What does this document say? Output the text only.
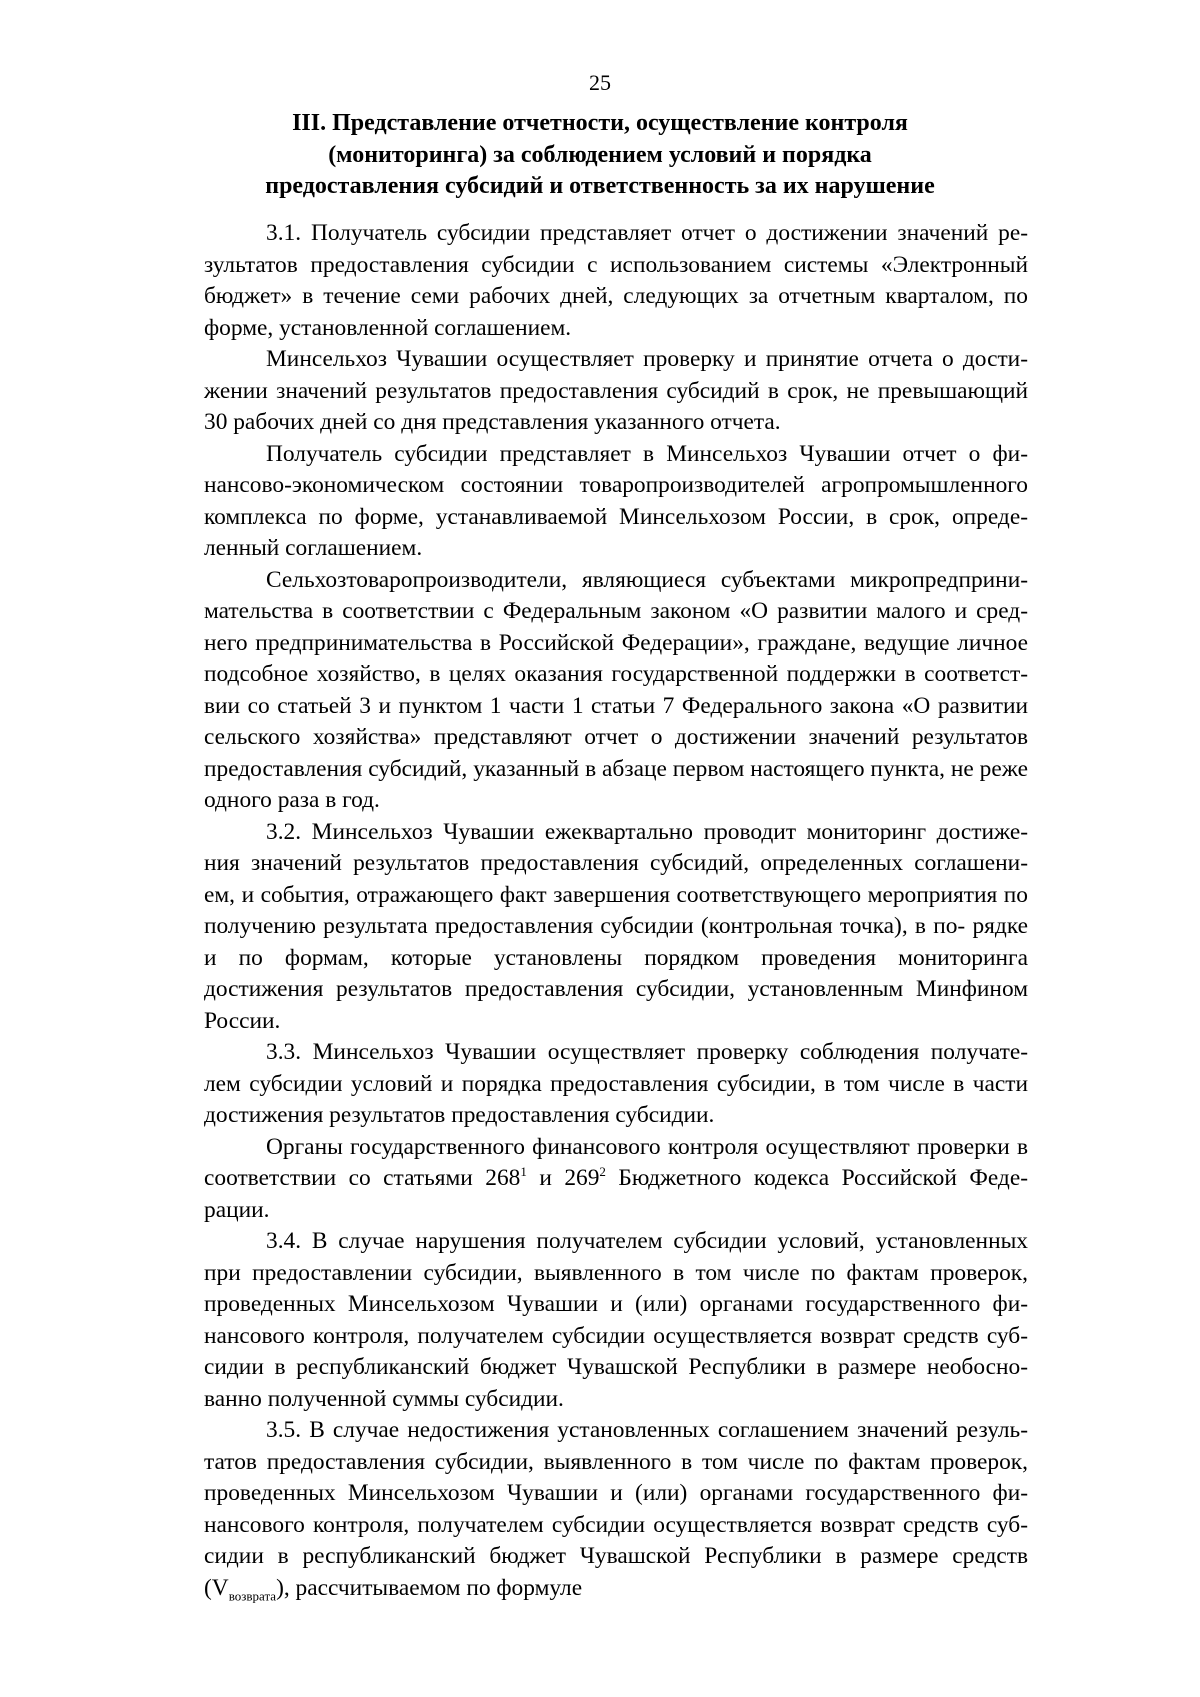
25
III. Представление отчетности, осуществление контроля
(мониторинга) за соблюдением условий и порядка
предоставления субсидий и ответственность за их нарушение

3.1. Получатель субсидии представляет отчет о достижении значений ре- зультатов предоставления субсидии с использованием системы «Электронный бюджет» в течение семи рабочих дней, следующих за отчетным кварталом, по форме, установленной соглашением.

Минсельхоз Чувашии осуществляет проверку и принятие отчета о дости- жении значений результатов предоставления субсидий в срок, не превышающий 30 рабочих дней со дня представления указанного отчета.

Получатель субсидии представляет в Минсельхоз Чувашии отчет о фи- нансово-экономическом состоянии товаропроизводителей агропромышленного комплекса по форме, устанавливаемой Минсельхозом России, в срок, опреде- ленный соглашением.

Сельхозтоваропроизводители, являющиеся субъектами микропредприни- мательства в соответствии с Федеральным законом «О развитии малого и сред- него предпринимательства в Российской Федерации», граждане, ведущие личное подсобное хозяйство, в целях оказания государственной поддержки в соответст- вии со статьей 3 и пунктом 1 части 1 статьи 7 Федерального закона «О развитии сельского хозяйства» представляют отчет о достижении значений результатов предоставления субсидий, указанный в абзаце первом настоящего пункта, не реже одного раза в год.

3.2. Минсельхоз Чувашии ежеквартально проводит мониторинг достиже- ния значений результатов предоставления субсидий, определенных соглашени- ем, и события, отражающего факт завершения соответствующего мероприятия по получению результата предоставления субсидии (контрольная точка), в по- рядке и по формам, которые установлены порядком проведения мониторинга достижения результатов предоставления субсидии, установленным Минфином России.

3.3. Минсельхоз Чувашии осуществляет проверку соблюдения получате- лем субсидии условий и порядка предоставления субсидии, в том числе в части достижения результатов предоставления субсидии.

Органы государственного финансового контроля осуществляют проверки в соответствии со статьями $268^1$ и $269^2$ Бюджетного кодекса Российской Феде- рации.

3.4. В случае нарушения получателем субсидии условий, установленных при предоставлении субсидии, выявленного в том числе по фактам проверок, проведенных Минсельхозом Чувашии и (или) органами государственного фи- нансового контроля, получателем субсидии осуществляется возврат средств суб- сидии в республиканский бюджет Чувашской Республики в размере необосно- ванно полученной суммы субсидии.

3.5. В случае недостижения установленных соглашением значений резуль- татов предоставления субсидии, выявленного в том числе по фактам проверок, проведенных Минсельхозом Чувашии и (или) органами государственного фи- нансового контроля, получателем субсидии осуществляется возврат средств суб- сидии в республиканский бюджет Чувашской Республики в размере средств $(V_{возврата})$, рассчитываемом по формуле
